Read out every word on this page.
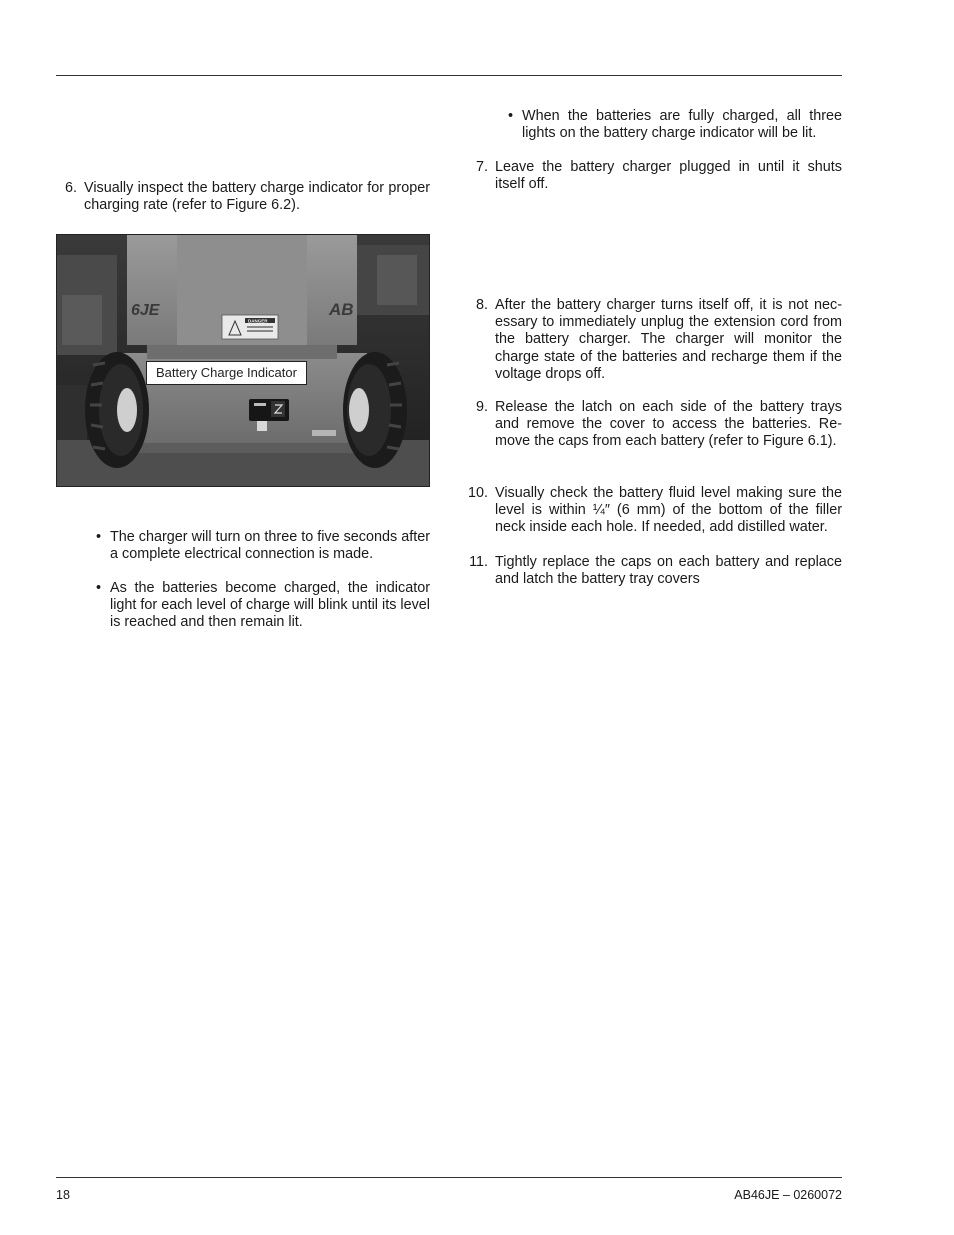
6. Visually inspect the battery charge indicator for proper charging rate (refer to Figure 6.2).
6JE	AB
DANGER
Battery Charge Indicator
• The charger will turn on three to five seconds after a complete electrical connection is made.
• As the batteries become charged, the indicator light for each level of charge will blink until its level is reached and then remain lit.
• When the batteries are fully charged, all three lights on the battery charge indicator will be lit.
7. Leave the battery charger plugged in until it shuts itself off.
8. After the battery charger turns itself off, it is not nec-essary to immediately unplug the extension cord from the battery charger. The charger will monitor the charge state of the batteries and recharge them if the voltage drops off.
9. Release the latch on each side of the battery trays and remove the cover to access the batteries. Re-move the caps from each battery (refer to Figure 6.1).
10. Visually check the battery fluid level making sure the level is within ¼″ (6 mm) of the bottom of the filler neck inside each hole. If needed, add distilled water.
11. Tightly replace the caps on each battery and replace and latch the battery tray covers
18	AB46JE – 0260072
